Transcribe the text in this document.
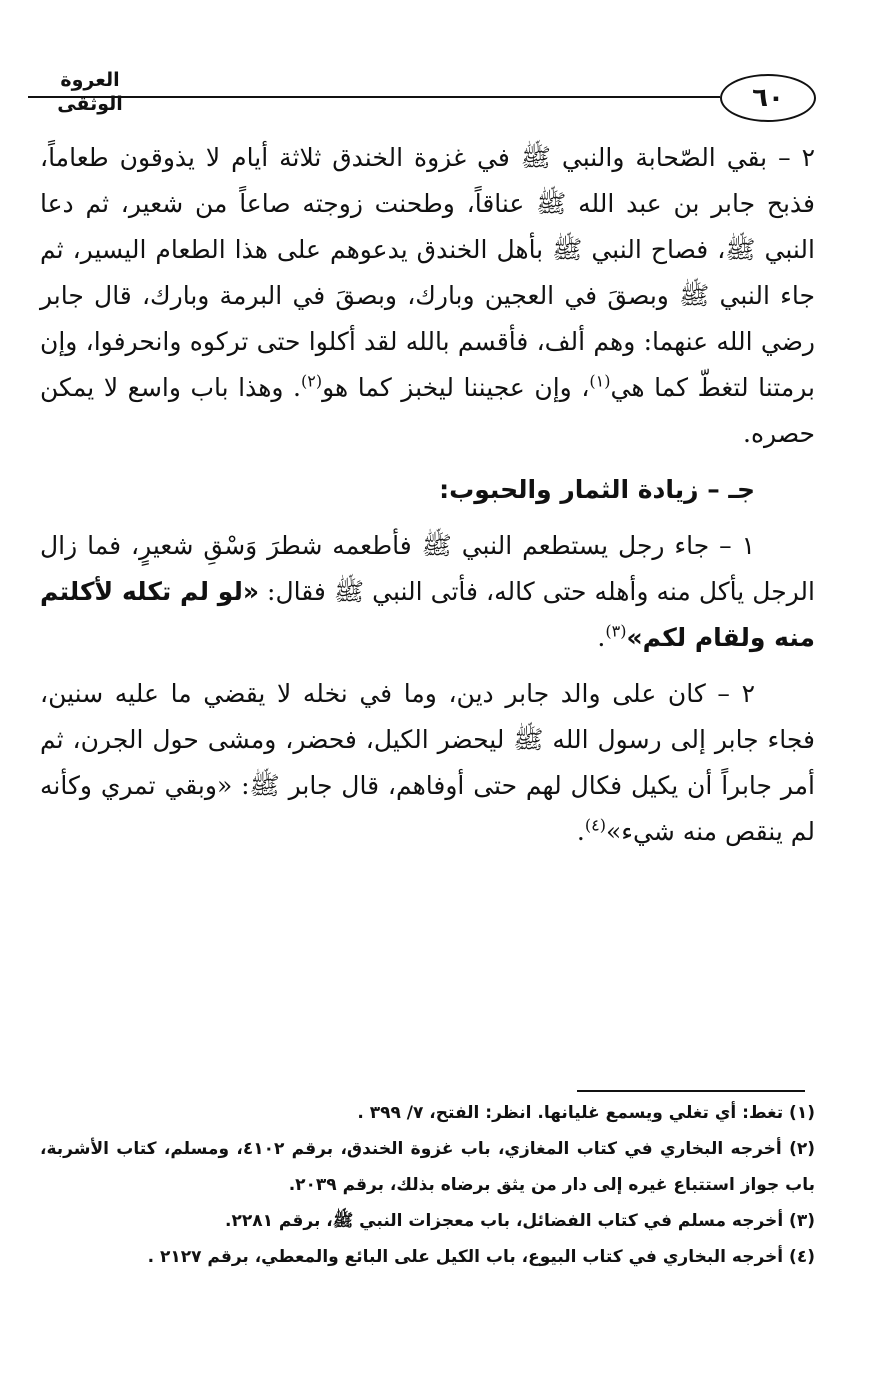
العروة الوثقى	٦٠

٢ – بقي الصّحابة والنبي ﷺ في غزوة الخندق ثلاثة أيام لا يذوقون طعاماً، فذبح جابر بن عبد الله ﷺ عناقاً، وطحنت زوجته صاعاً من شعير، ثم دعا النبي ﷺ، فصاح النبي ﷺ بأهل الخندق يدعوهم على هذا الطعام اليسير، ثم جاء النبي ﷺ وبصقَ في العجين وبارك، وبصقَ في البرمة وبارك، قال جابر رضي الله عنهما: وهم ألف، فأقسم بالله لقد أكلوا حتى تركوه وانحرفوا، وإن برمتنا لتغطّ كما هي$^{(١)}$، وإن عجيننا ليخبز كما هو$^{(٢)}$. وهذا باب واسع لا يمكن حصره.

جـ – زيادة الثمار والحبوب:

١ – جاء رجل يستطعم النبي ﷺ فأطعمه شطرَ وَسْقِ شعيرٍ، فما زال الرجل يأكل منه وأهله حتى كاله، فأتى النبي ﷺ فقال: «لو لم تكله لأكلتم منه ولقام لكم»$^{(٣)}$.

٢ – كان على والد جابر دين، وما في نخله لا يقضي ما عليه سنين، فجاء جابر إلى رسول الله ﷺ ليحضر الكيل، فحضر، ومشى حول الجرن، ثم أمر جابراً أن يكيل فكال لهم حتى أوفاهم، قال جابر ﷺ: «وبقي تمري وكأنه لم ينقص منه شيء»$^{(٤)}$.

(١) تغط: أي تغلي ويسمع غليانها. انظر: الفتح، ٧/ ٣٩٩ .

(٢) أخرجه البخاري في كتاب المغازي، باب غزوة الخندق، برقم ٤١٠٢، ومسلم، كتاب الأشربة، باب جواز استتباع غيره إلى دار من يثق برضاه بذلك، برقم ٢٠٣٩.

(٣) أخرجه مسلم في كتاب الفضائل، باب معجزات النبي ﷺ، برقم ٢٢٨١.

(٤) أخرجه البخاري في كتاب البيوع، باب الكيل على البائع والمعطي، برقم ٢١٢٧ .
